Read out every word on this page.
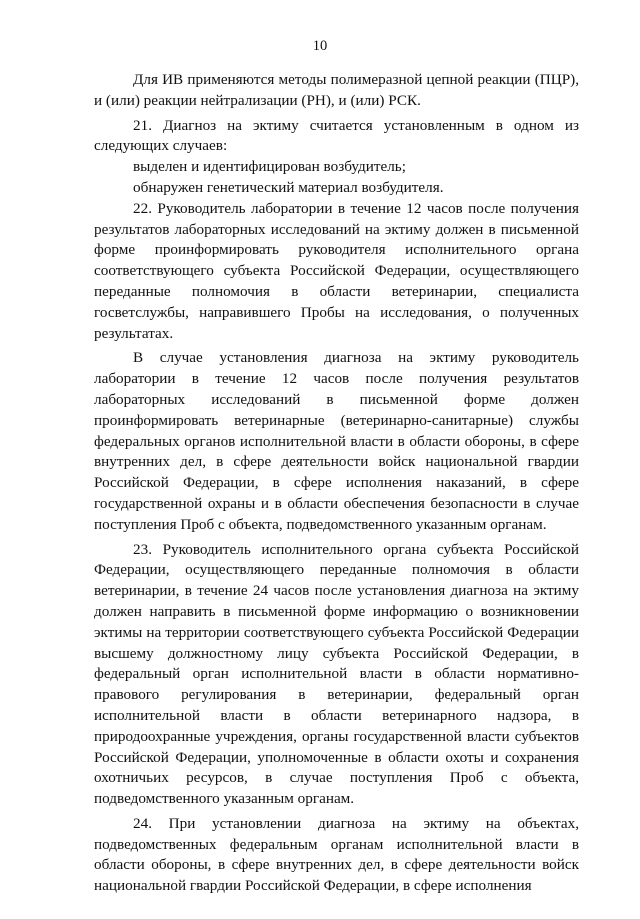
10

Для ИВ применяются методы полимеразной цепной реакции (ПЦР), и (или) реакции нейтрализации (РН), и (или) РСК.

21. Диагноз на эктиму считается установленным в одном из следующих случаев:

выделен и идентифицирован возбудитель;

обнаружен генетический материал возбудителя.

22. Руководитель лаборатории в течение 12 часов после получения результатов лабораторных исследований на эктиму должен в письменной форме проинформировать руководителя исполнительного органа соответствующего субъекта Российской Федерации, осуществляющего переданные полномочия в области ветеринарии, специалиста госветслужбы, направившего Пробы на исследования, о полученных результатах.

В случае установления диагноза на эктиму руководитель лаборатории в течение 12 часов после получения результатов лабораторных исследований в письменной форме должен проинформировать ветеринарные (ветеринарно-санитарные) службы федеральных органов исполнительной власти в области обороны, в сфере внутренних дел, в сфере деятельности войск национальной гвардии Российской Федерации, в сфере исполнения наказаний, в сфере государственной охраны и в области обеспечения безопасности в случае поступления Проб с объекта, подведомственного указанным органам.

23. Руководитель исполнительного органа субъекта Российской Федерации, осуществляющего переданные полномочия в области ветеринарии, в течение 24 часов после установления диагноза на эктиму должен направить в письменной форме информацию о возникновении эктимы на территории соответствующего субъекта Российской Федерации высшему должностному лицу субъекта Российской Федерации, в федеральный орган исполнительной власти в области нормативно-правового регулирования в ветеринарии, федеральный орган исполнительной власти в области ветеринарного надзора, в природоохранные учреждения, органы государственной власти субъектов Российской Федерации, уполномоченные в области охоты и сохранения охотничьих ресурсов, в случае поступления Проб с объекта, подведомственного указанным органам.

24. При установлении диагноза на эктиму на объектах, подведомственных федеральным органам исполнительной власти в области обороны, в сфере внутренних дел, в сфере деятельности войск национальной гвардии Российской Федерации, в сфере исполнения
